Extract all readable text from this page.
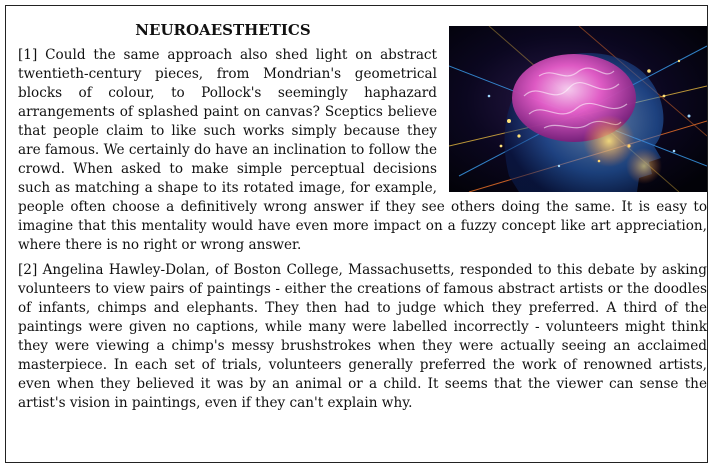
NEUROAESTHETICS

[1] Could the same approach also shed light on abstract twentieth-century pieces, from Mondrian's geometrical blocks of colour, to Pollock's seemingly haphazard arrangements of splashed paint on canvas? Sceptics believe that people claim to like such works simply because they are famous. We certainly do have an inclination to follow the crowd. When asked to make simple perceptual decisions such as matching a shape to its rotated image, for example, people often choose a definitively wrong answer if they see others doing the same. It is easy to imagine that this mentality would have even more impact on a fuzzy concept like art appreciation, where there is no right or wrong answer.

[2] Angelina Hawley-Dolan, of Boston College, Massachusetts, responded to this debate by asking volunteers to view pairs of paintings - either the creations of famous abstract artists or the doodles of infants, chimps and elephants. They then had to judge which they preferred. A third of the paintings were given no captions, while many were labelled incorrectly - volunteers might think they were viewing a chimp's messy brushstrokes when they were actually seeing an acclaimed masterpiece. In each set of trials, volunteers generally preferred the work of renowned artists, even when they believed it was by an animal or a child. It seems that the viewer can sense the artist's vision in paintings, even if they can't explain why.
